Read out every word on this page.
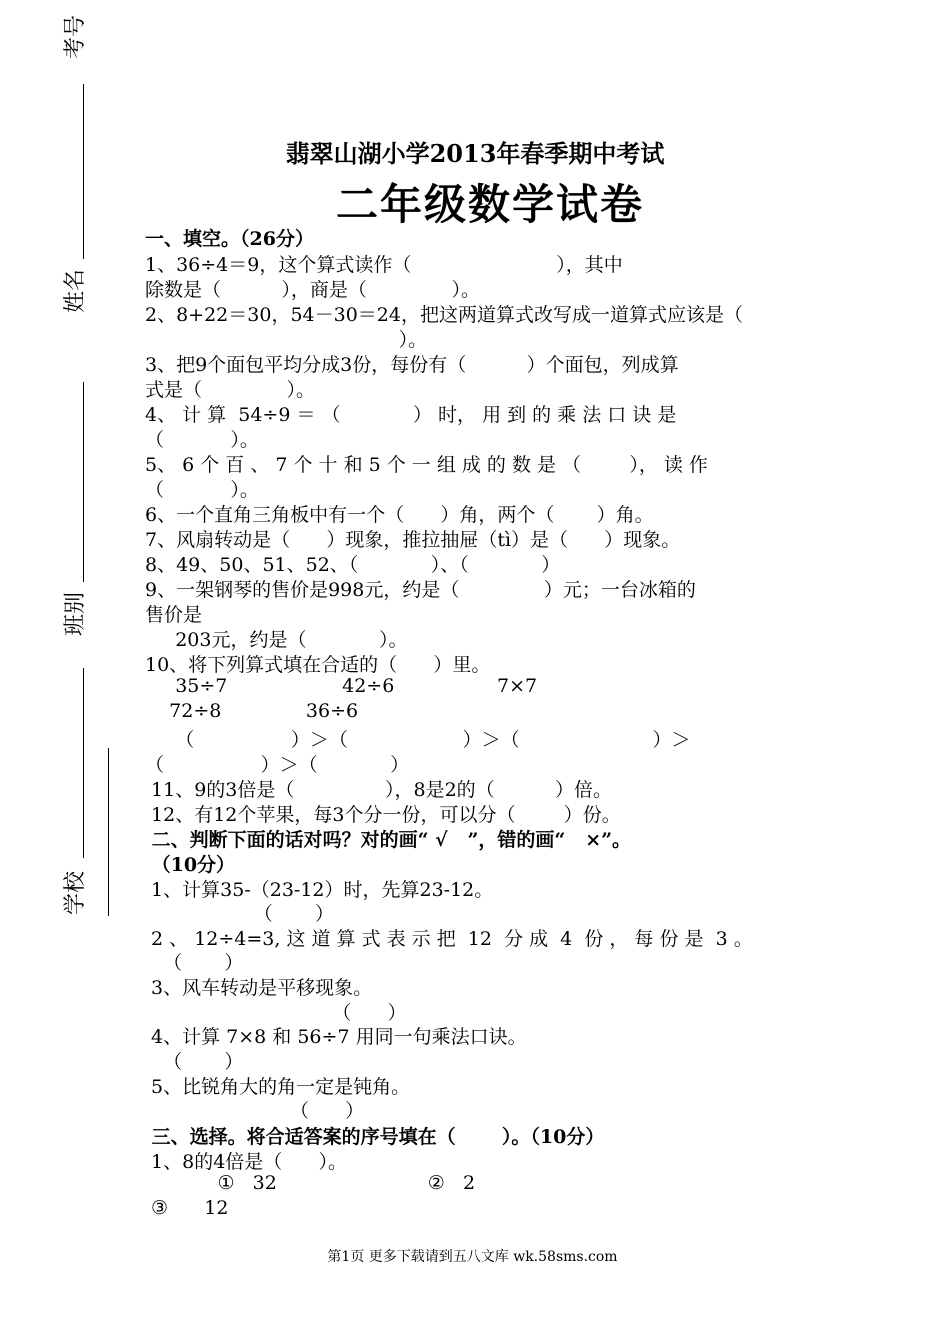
考号
姓名
班别
学校
翡翠山湖小学2013年春季期中考试
二年级数学试卷
一、填空。（26分）
1、36÷4＝9，这个算式读作（                        ），其中
除数是（          ），商是（              ）。
2、8+22＝30，54－30＝24，把这两道算式改写成一道算式应该是（
）。
3、把9个面包平均分成3份，每份有（          ）个面包，列成算
式是（              ）。
4、 计 算  54÷9 ＝ （            ） 时， 用 到 的 乘 法 口 诀 是
（           ）。
5、 6 个 百 、 7 个 十 和 5 个 一 组 成 的 数 是 （        ）， 读 作
（           ）。
6、一个直角三角板中有一个（      ）角，两个（       ）角。
7、风扇转动是（      ）现象，推拉抽屉（tì）是（      ）现象。
8、49、50、51、52、（            ）、（            ）
9、一架钢琴的售价是998元，约是（              ）元；一台冰箱的
售价是
203元，约是（            ）。
10、将下列算式填在合适的（      ）里。
35÷7                   42÷6                 7×7
72÷8              36÷6
（                ）＞（                   ）＞（                      ）＞
（                ）＞（            ）
11、9的3倍是（               ），8是2的（          ）倍。
12、有12个苹果，每3个分一份，可以分（        ）份。
二、判断下面的话对吗？对的画“ √   ”，错的画“   ×”。
（10分）
1、计算35-（23-12）时，先算23-12。
（       ）
2 、 12÷4=3, 这 道 算 式 表 示 把  12  分 成  4  份 ， 每 份 是  3 。
（       ）
3、风车转动是平移现象。
（      ）
4、计算 7×8 和 56÷7 用同一句乘法口诀。
（       ）
5、比锐角大的角一定是钝角。
（      ）
三、选择。将合适答案的序号填在（       ）。（10分）
1、8的4倍是（      ）。
①   32                         ②   2
③      12
第1页 更多下载请到五八文库 wk.58sms.com
